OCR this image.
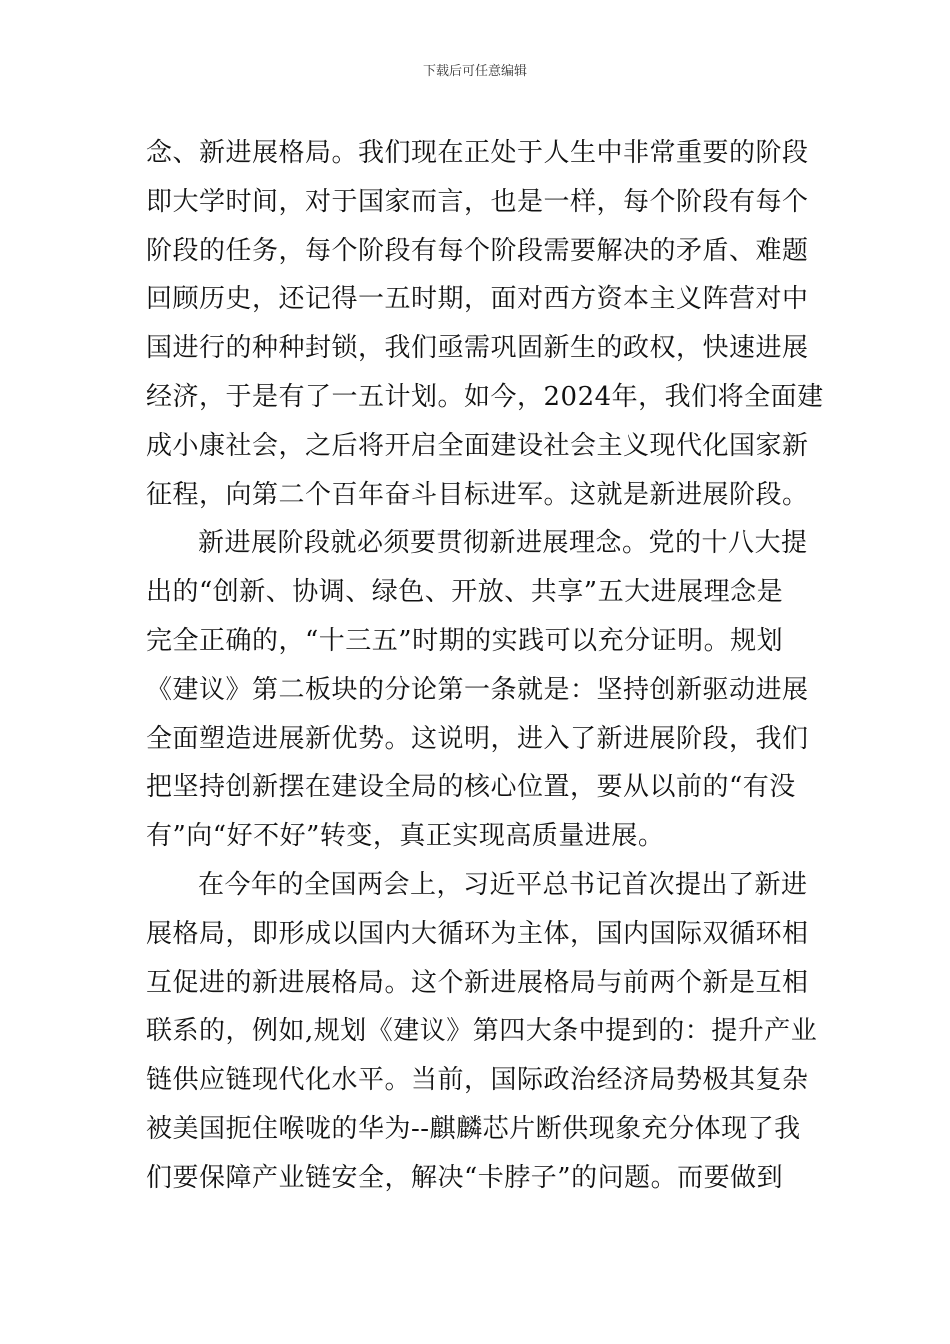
下载后可任意编辑
念、新进展格局。我们现在正处于人生中非常重要的阶段
即大学时间，对于国家而言，也是一样，每个阶段有每个
阶段的任务，每个阶段有每个阶段需要解决的矛盾、难题
回顾历史，还记得一五时期，面对西方资本主义阵营对中
国进行的种种封锁，我们亟需巩固新生的政权，快速进展
经济，于是有了一五计划。如今，2024年，我们将全面建
成小康社会，之后将开启全面建设社会主义现代化国家新
征程，向第二个百年奋斗目标进军。这就是新进展阶段。
新进展阶段就必须要贯彻新进展理念。党的十八大提
出的“创新、协调、绿色、开放、共享”五大进展理念是
完全正确的，“十三五”时期的实践可以充分证明。规划
《建议》第二板块的分论第一条就是：坚持创新驱动进展
全面塑造进展新优势。这说明，进入了新进展阶段，我们
把坚持创新摆在建设全局的核心位置，要从以前的“有没
有”向“好不好”转变，真正实现高质量进展。
在今年的全国两会上，习近平总书记首次提出了新进
展格局，即形成以国内大循环为主体，国内国际双循环相
互促进的新进展格局。这个新进展格局与前两个新是互相
联系的，例如,规划《建议》第四大条中提到的：提升产业
链供应链现代化水平。当前，国际政治经济局势极其复杂
被美国扼住喉咙的华为--麒麟芯片断供现象充分体现了我
们要保障产业链安全，解决“卡脖子”的问题。而要做到
